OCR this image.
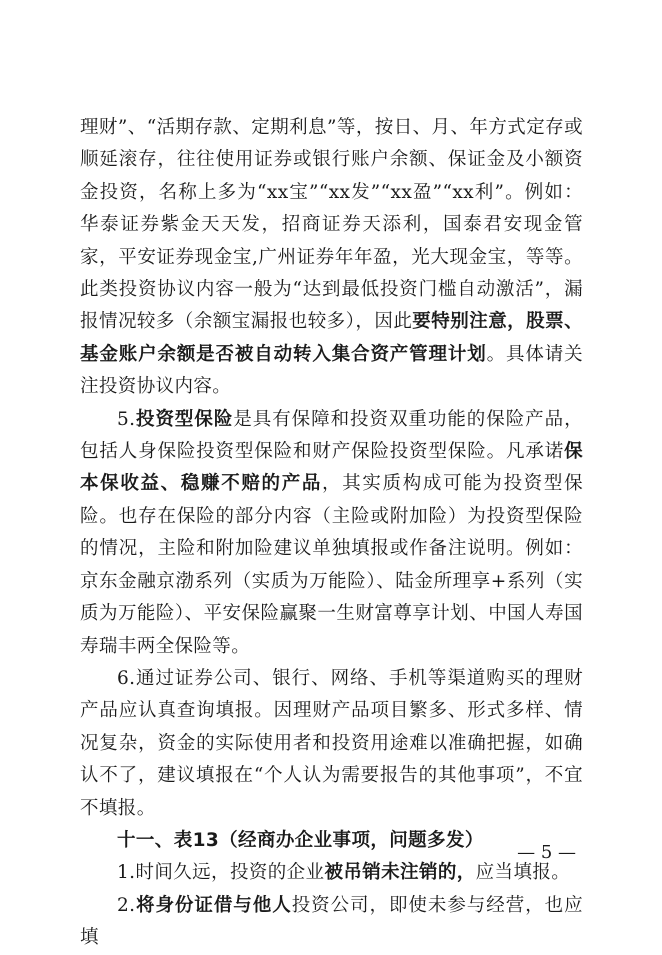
理财”、“活期存款、定期利息”等，按日、月、年方式定存或顺延滚存，往往使用证券或银行账户余额、保证金及小额资金投资，名称上多为“xx宝”“xx发”“xx盈”“xx利”。例如：华泰证券紫金天天发，招商证券天添利，国泰君安现金管家，平安证券现金宝,广州证券年年盈，光大现金宝，等等。此类投资协议内容一般为“达到最低投资门槛自动激活”，漏报情况较多（余额宝漏报也较多），因此要特别注意，股票、基金账户余额是否被自动转入集合资产管理计划。具体请关注投资协议内容。

5.投资型保险是具有保障和投资双重功能的保险产品，包括人身保险投资型保险和财产保险投资型保险。凡承诺保本保收益、稳赚不赔的产品，其实质构成可能为投资型保险。也存在保险的部分内容（主险或附加险）为投资型保险的情况，主险和附加险建议单独填报或作备注说明。例如：京东金融京渤系列（实质为万能险）、陆金所理享+系列（实质为万能险）、平安保险赢聚一生财富尊享计划、中国人寿国寿瑞丰两全保险等。

6.通过证券公司、银行、网络、手机等渠道购买的理财产品应认真查询填报。因理财产品项目繁多、形式多样、情况复杂，资金的实际使用者和投资用途难以准确把握，如确认不了，建议填报在“个人认为需要报告的其他事项”，不宜不填报。

十一、表13（经商办企业事项，问题多发）

1.时间久远，投资的企业被吊销未注销的，应当填报。

2.将身份证借与他人投资公司，即使未参与经营，也应填

— 5 —
